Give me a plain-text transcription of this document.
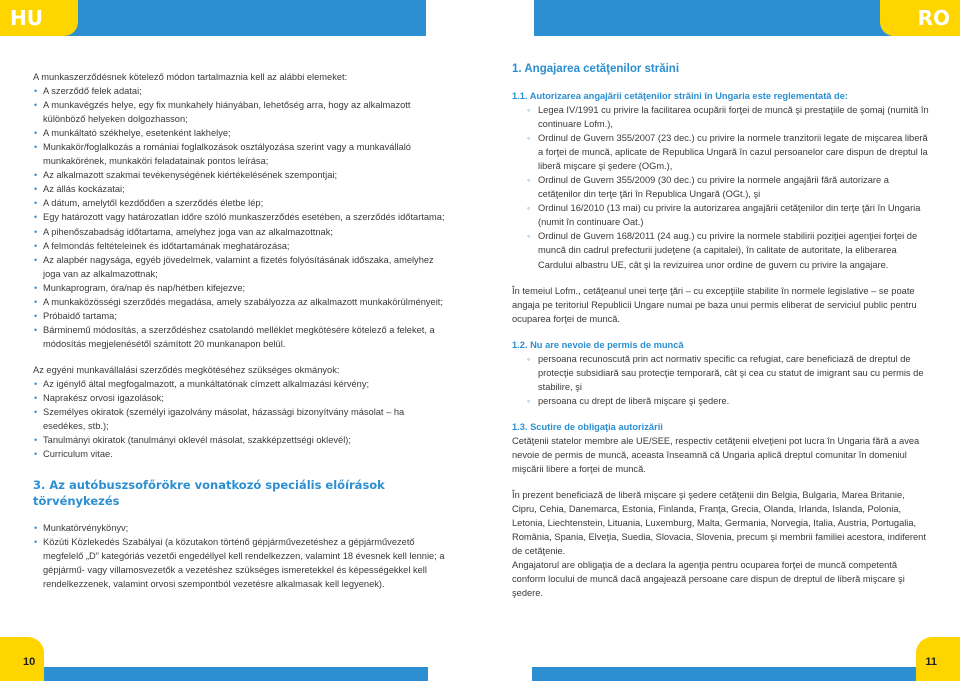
HU	RO

A munkaszerződésnek kötelező módon tartalmaznia kell az alábbi elemeket:

• A szerződő felek adatai;
• A munkavégzés helye, egy fix munkahely hiányában, lehetőség arra, hogy az alkalmazott különböző helyeken dolgozhasson;
• A munkáltató székhelye, esetenként lakhelye;
• Munkakör/foglalkozás a romániai foglalkozások osztályozása szerint vagy a munkavállaló munkakörének, munkaköri feladatainak pontos leírása;
• Az alkalmazott szakmai tevékenységének kiértékelésének szempontjai;
• Az állás kockázatai;
• A dátum, amelytől kezdődően a szerződés életbe lép;
• Egy határozott vagy határozatlan időre szóló munkaszerződés esetében, a szerződés időtartama;
• A pihenőszabadság időtartama, amelyhez joga van az alkalmazottnak;
• A felmondás feltételeinek és időtartamának meghatározása;
• Az alapbér nagysága, egyéb jövedelmek, valamint a fizetés folyósításának időszaka, amelyhez joga van az alkalmazottnak;
• Munkaprogram, óra/nap és nap/hétben kifejezve;
• A munkaközösségi szerződés megadása, amely szabályozza az alkalmazott munkakörülményeit;
• Próbaidő tartama;
• Bárminemű módosítás, a szerződéshez csatolandó melléklet megkötésére kötelező a feleket, a módosítás megjelenésétől számított 20 munkanapon belül.

Az egyéni munkavállalási szerződés megkötéséhez szükséges okmányok:

• Az igénylő által megfogalmazott, a munkáltatónak címzett alkalmazási kérvény;
• Naprakész orvosi igazolások;
• Személyes okiratok (személyi igazolvány másolat, házassági bizonyítvány másolat – ha esedékes, stb.);
• Tanulmányi okiratok (tanulmányi oklevél másolat, szakképzettségi oklevél);
• Curriculum vitae.

3. Az autóbuszsofőrökre vonatkozó speciális előírások törvénykezés

• Munkatörvénykönyv;
• Közúti Közlekedés Szabályai (a közutakon történő gépjárművezetéshez a gépjárművezető megfelelő „D” kategóriás vezetői engedéllyel kell rendelkezzen, valamint 18 évesnek kell lennie; a gépjármű- vagy villamosvezetők a vezetéshez szükséges ismeretekkel és képességekkel kell rendelkezzenek, valamint orvosi szempontból vezetésre alkalmasak kell legyenek).

1. Angajarea cetăţenilor străini

1.1. Autorizarea angajării cetăţenilor străini în Ungaria este reglementată de:

◦ Legea IV/1991 cu privire la facilitarea ocupării forţei de muncă şi prestaţiile de şomaj (numită în continuare Lofm.),
◦ Ordinul de Guvern 355/2007 (23 dec.) cu privire la normele tranzitorii legate de mişcarea liberă a forţei de muncă, aplicate de Republica Ungară în cazul persoanelor care dispun de dreptul la liberă mişcare şi şedere (OGm.),
◦ Ordinul de Guvern 355/2009 (30 dec.) cu privire la normele angajării fără autorizare a cetăţenilor din terţe ţări în Republica Ungară (OGt.), şi
◦ Ordinul 16/2010 (13 mai) cu privire la autorizarea angajării cetăţenilor din terţe ţări în Ungaria (numit în continuare Oat.)
◦ Ordinul de Guvern 168/2011 (24 aug.) cu privire la normele stabilirii poziţiei agenţiei forţei de muncă din cadrul prefecturii judeţene (a capitalei), în calitate de autoritate, la eliberarea Cardului albastru UE, cât şi la revizuirea unor ordine de guvern cu privire la angajare.

În temeiul Lofm., cetăţeanul unei terţe ţări – cu excepţiile stabilite în normele legislative – se poate angaja pe teritoriul Republicii Ungare numai pe baza unui permis eliberat de serviciul public pentru ocuparea forţei de muncă.

1.2. Nu are nevoie de permis de muncă

◦ persoana recunoscută prin act normativ specific ca refugiat, care beneficiază de dreptul de protecţie subsidiară sau protecţie temporară, cât şi cea cu statut de imigrant sau cu permis de stabilire, şi
◦ persoana cu drept de liberă mişcare şi şedere.

1.3. Scutire de obligaţia autorizării

Cetăţenii statelor membre ale UE/SEE, respectiv cetăţenii elveţieni pot lucra în Ungaria fără a avea nevoie de permis de muncă, aceasta înseamnă că Ungaria aplică dreptul comunitar în domeniul mişcării libere a forţei de muncă.

În prezent beneficiază de liberă mişcare şi şedere cetăţenii din Belgia, Bulgaria, Marea Britanie, Cipru, Cehia, Danemarca, Estonia, Finlanda, Franţa, Grecia, Olanda, Irlanda, Islanda, Polonia, Letonia, Liechtenstein, Lituania, Luxemburg, Malta, Germania, Norvegia, Italia, Austria, Portugalia, România, Spania, Elveţia, Suedia, Slovacia, Slovenia, precum şi membrii familiei acestora, indiferent de cetăţenie.

Angajatorul are obligaţia de a declara la agenţia pentru ocuparea forţei de muncă competentă conform locului de muncă dacă angajează persoane care dispun de dreptul de liberă mişcare şi şedere.

10	11
